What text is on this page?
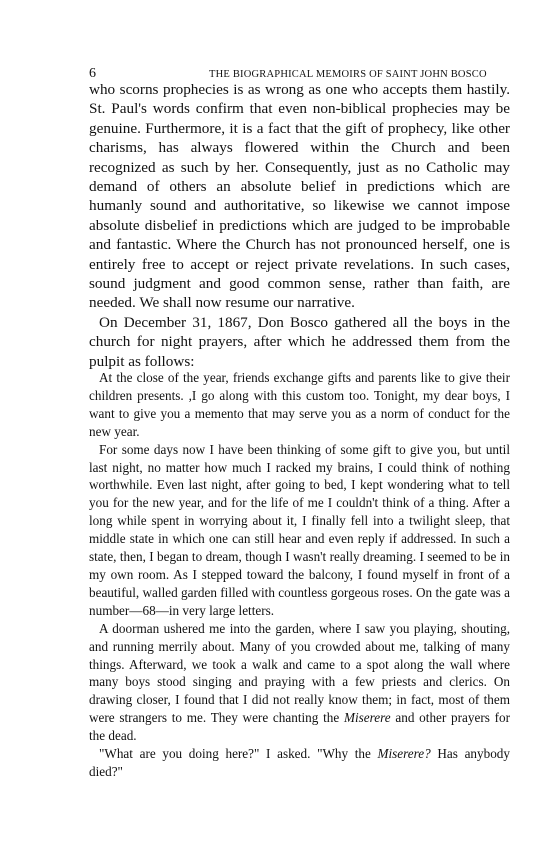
6	THE BIOGRAPHICAL MEMOIRS OF SAINT JOHN BOSCO

who scorns prophecies is as wrong as one who accepts them hastily. St. Paul's words confirm that even non-biblical prophecies may be genuine. Furthermore, it is a fact that the gift of prophecy, like other charisms, has always flowered within the Church and been recognized as such by her. Consequently, just as no Catholic may demand of others an absolute belief in predictions which are humanly sound and authoritative, so likewise we cannot impose absolute disbelief in predictions which are judged to be improbable and fantastic. Where the Church has not pronounced herself, one is entirely free to accept or reject private revelations. In such cases, sound judgment and good common sense, rather than faith, are needed. We shall now resume our narrative.

On December 31, 1867, Don Bosco gathered all the boys in the church for night prayers, after which he addressed them from the pulpit as follows:

At the close of the year, friends exchange gifts and parents like to give their children presents. ,I go along with this custom too. Tonight, my dear boys, I want to give you a memento that may serve you as a norm of conduct for the new year.

For some days now I have been thinking of some gift to give you, but until last night, no matter how much I racked my brains, I could think of nothing worthwhile. Even last night, after going to bed, I kept wondering what to tell you for the new year, and for the life of me I couldn't think of a thing. After a long while spent in worrying about it, I finally fell into a twilight sleep, that middle state in which one can still hear and even reply if addressed. In such a state, then, I began to dream, though I wasn't really dreaming. I seemed to be in my own room. As I stepped toward the balcony, I found myself in front of a beautiful, walled garden filled with countless gorgeous roses. On the gate was a number—68—in very large letters.

A doorman ushered me into the garden, where I saw you playing, shouting, and running merrily about. Many of you crowded about me, talking of many things. Afterward, we took a walk and came to a spot along the wall where many boys stood singing and praying with a few priests and clerics. On drawing closer, I found that I did not really know them; in fact, most of them were strangers to me. They were chanting the Miserere and other prayers for the dead.

"What are you doing here?" I asked. "Why the Miserere? Has anybody died?"
